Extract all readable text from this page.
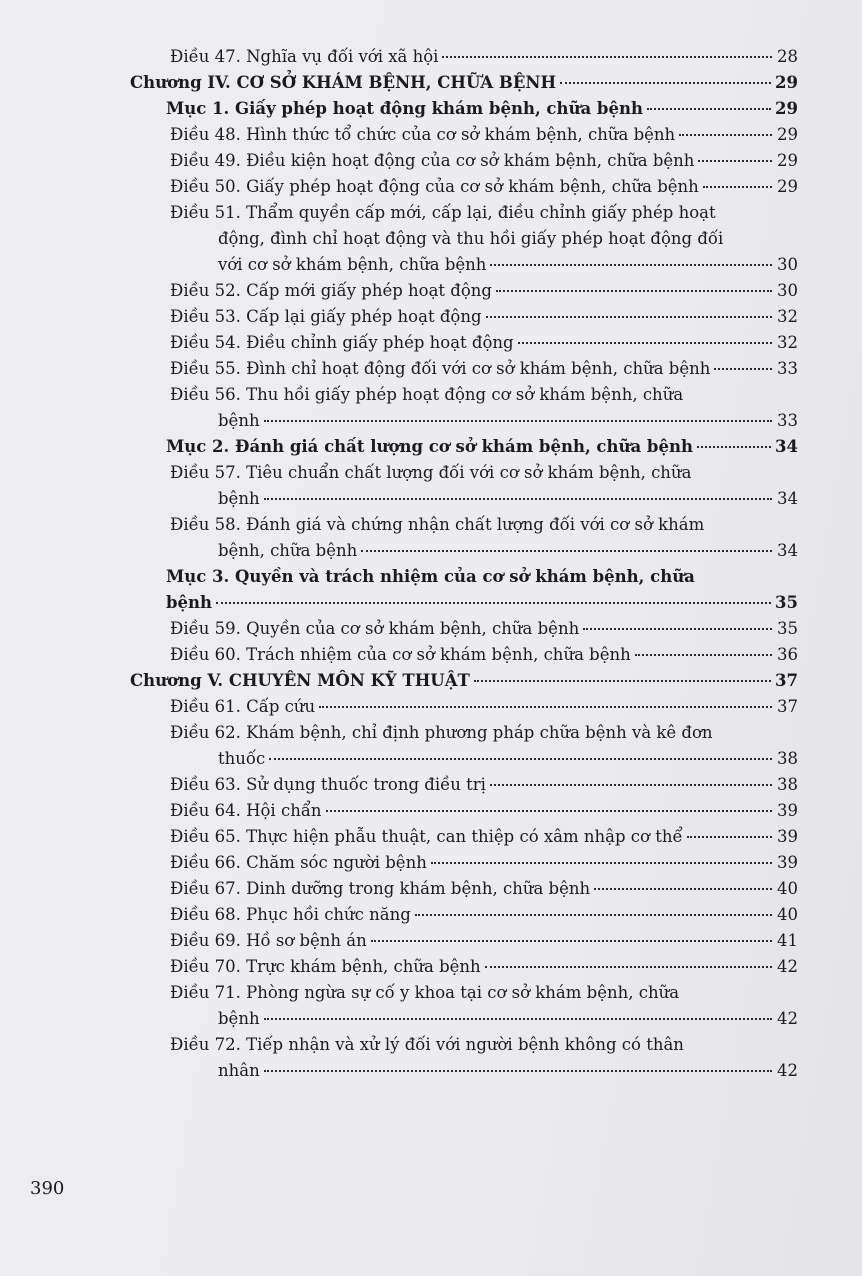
Điều 47. Nghĩa vụ đối với xã hội	28
Chương IV. CƠ SỞ KHÁM BỆNH, CHỮA BỆNH	29
Mục 1. Giấy phép hoạt động khám bệnh, chữa bệnh	29
Điều 48. Hình thức tổ chức của cơ sở khám bệnh, chữa bệnh	29
Điều 49. Điều kiện hoạt động của cơ sở khám bệnh, chữa bệnh	29
Điều 50. Giấy phép hoạt động của cơ sở khám bệnh, chữa bệnh	29
Điều 51. Thẩm quyền cấp mới, cấp lại, điều chỉnh giấy phép hoạt
động, đình chỉ hoạt động và thu hồi giấy phép hoạt động đối
với cơ sở khám bệnh, chữa bệnh	30
Điều 52. Cấp mới giấy phép hoạt động	30
Điều 53. Cấp lại giấy phép hoạt động	32
Điều 54. Điều chỉnh giấy phép hoạt động	32
Điều 55. Đình chỉ hoạt động đối với cơ sở khám bệnh, chữa bệnh	33
Điều 56. Thu hồi giấy phép hoạt động cơ sở khám bệnh, chữa
bệnh	33
Mục 2. Đánh giá chất lượng cơ sở khám bệnh, chữa bệnh	34
Điều 57. Tiêu chuẩn chất lượng đối với cơ sở khám bệnh, chữa
bệnh	34
Điều 58. Đánh giá và chứng nhận chất lượng đối với cơ sở khám
bệnh, chữa bệnh	34
Mục 3. Quyền và trách nhiệm của cơ sở khám bệnh, chữa
bệnh	35
Điều 59. Quyền của cơ sở khám bệnh, chữa bệnh	35
Điều 60. Trách nhiệm của cơ sở khám bệnh, chữa bệnh	36
Chương V. CHUYÊN MÔN KỸ THUẬT	37
Điều 61. Cấp cứu	37
Điều 62. Khám bệnh, chỉ định phương pháp chữa bệnh và kê đơn
thuốc	38
Điều 63. Sử dụng thuốc trong điều trị	38
Điều 64. Hội chẩn	39
Điều 65. Thực hiện phẫu thuật, can thiệp có xâm nhập cơ thể	39
Điều 66. Chăm sóc người bệnh	39
Điều 67. Dinh dưỡng trong khám bệnh, chữa bệnh	40
Điều 68. Phục hồi chức năng	40
Điều 69. Hồ sơ bệnh án	41
Điều 70. Trực khám bệnh, chữa bệnh	42
Điều 71. Phòng ngừa sự cố y khoa tại cơ sở khám bệnh, chữa
bệnh	42
Điều 72. Tiếp nhận và xử lý đối với người bệnh không có thân
nhân	42
390
